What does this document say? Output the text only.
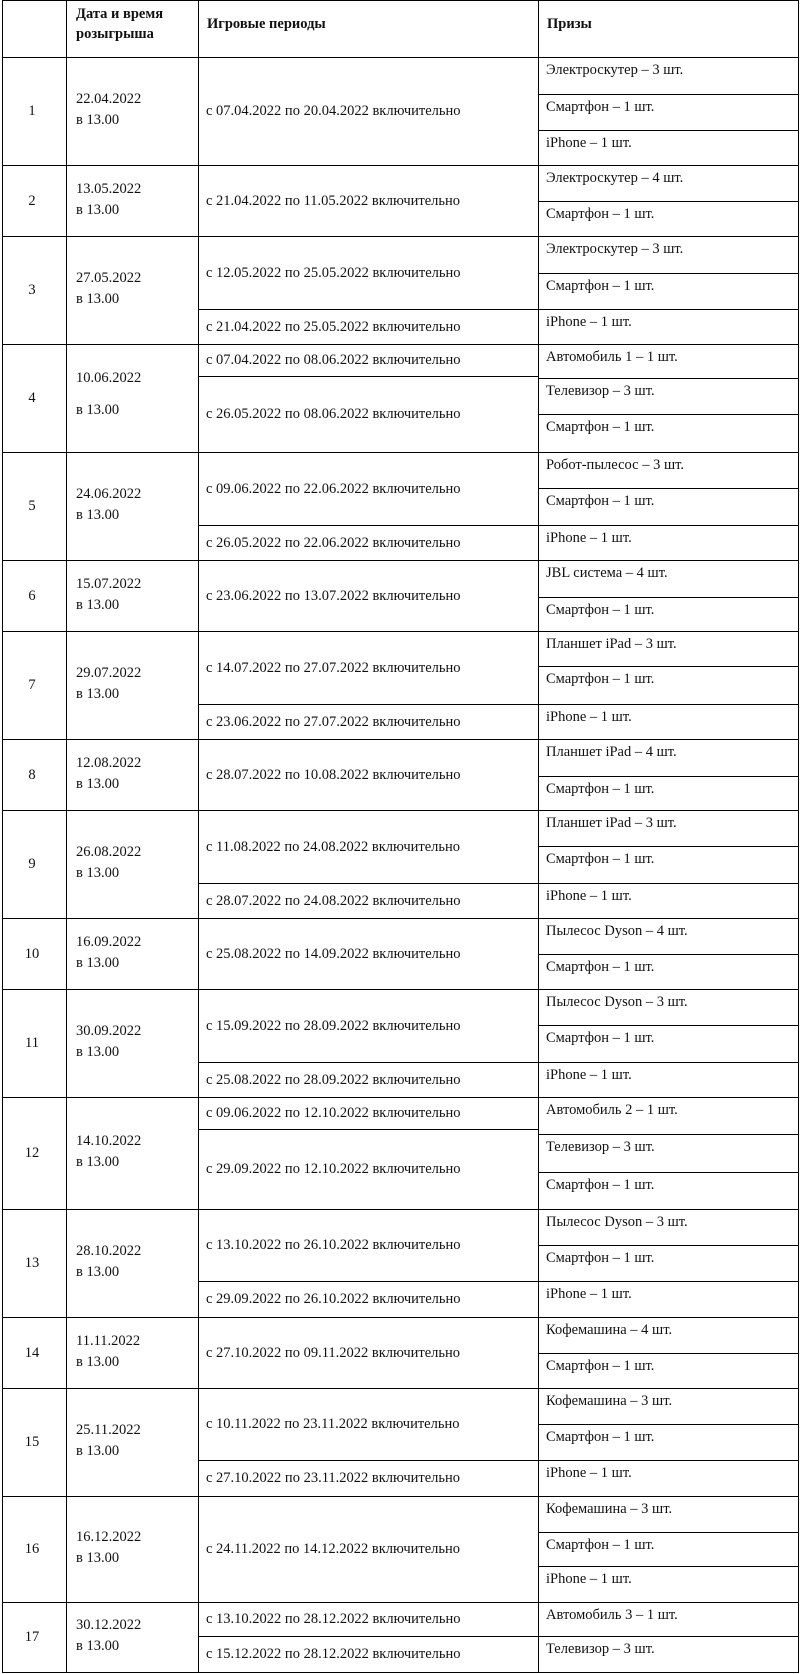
Дата и время
розыгрыша
Игровые периоды	Призы
1
22.04.2022
в 13.00
с 07.04.2022 по 20.04.2022 включительно
Электроскутер – 3 шт.
Смартфон – 1 шт.
iPhone – 1 шт.
2
13.05.2022
в 13.00
с 21.04.2022 по 11.05.2022 включительно
Электроскутер – 4 шт.
Смартфон – 1 шт.
3
27.05.2022
в 13.00
с 12.05.2022 по 25.05.2022 включительно
с 21.04.2022 по 25.05.2022 включительно
Электроскутер – 3 шт.
Смартфон – 1 шт.
iPhone – 1 шт.
4
10.06.2022
в 13.00
с 07.04.2022 по 08.06.2022 включительно
с 26.05.2022 по 08.06.2022 включительно
Автомобиль 1 – 1 шт.
Телевизор – 3 шт.
Смартфон – 1 шт.
5
24.06.2022
в 13.00
с 09.06.2022 по 22.06.2022 включительно
с 26.05.2022 по 22.06.2022 включительно
Робот-пылесос – 3 шт.
Смартфон – 1 шт.
iPhone – 1 шт.
6
15.07.2022
в 13.00
с 23.06.2022 по 13.07.2022 включительно
JBL система – 4 шт.
Смартфон – 1 шт.
7
29.07.2022
в 13.00
с 14.07.2022 по 27.07.2022 включительно
с 23.06.2022 по 27.07.2022 включительно
Планшет iPad – 3 шт.
Смартфон – 1 шт.
iPhone – 1 шт.
8
12.08.2022
в 13.00
с 28.07.2022 по 10.08.2022 включительно
Планшет iPad – 4 шт.
Смартфон – 1 шт.
9
26.08.2022
в 13.00
с 11.08.2022 по 24.08.2022 включительно
с 28.07.2022 по 24.08.2022 включительно
Планшет iPad – 3 шт.
Смартфон – 1 шт.
iPhone – 1 шт.
10
16.09.2022
в 13.00
с 25.08.2022 по 14.09.2022 включительно
Пылесос Dyson – 4 шт.
Смартфон – 1 шт.
11
30.09.2022
в 13.00
с 15.09.2022 по 28.09.2022 включительно
с 25.08.2022 по 28.09.2022 включительно
Пылесос Dyson – 3 шт.
Смартфон – 1 шт.
iPhone – 1 шт.
12
14.10.2022
в 13.00
с 09.06.2022 по 12.10.2022 включительно
с 29.09.2022 по 12.10.2022 включительно
Автомобиль 2 – 1 шт.
Телевизор – 3 шт.
Смартфон – 1 шт.
13
28.10.2022
в 13.00
с 13.10.2022 по 26.10.2022 включительно
с 29.09.2022 по 26.10.2022 включительно
Пылесос Dyson – 3 шт.
Смартфон – 1 шт.
iPhone – 1 шт.
14
11.11.2022
в 13.00
с 27.10.2022 по 09.11.2022 включительно
Кофемашина – 4 шт.
Смартфон – 1 шт.
15
25.11.2022
в 13.00
с 10.11.2022 по 23.11.2022 включительно
с 27.10.2022 по 23.11.2022 включительно
Кофемашина – 3 шт.
Смартфон – 1 шт.
iPhone – 1 шт.
16
16.12.2022
в 13.00
с 24.11.2022 по 14.12.2022 включительно
Кофемашина – 3 шт.
Смартфон – 1 шт.
iPhone – 1 шт.
17
30.12.2022
в 13.00
с 13.10.2022 по 28.12.2022 включительно
с 15.12.2022 по 28.12.2022 включительно
Автомобиль 3 – 1 шт.
Телевизор – 3 шт.
